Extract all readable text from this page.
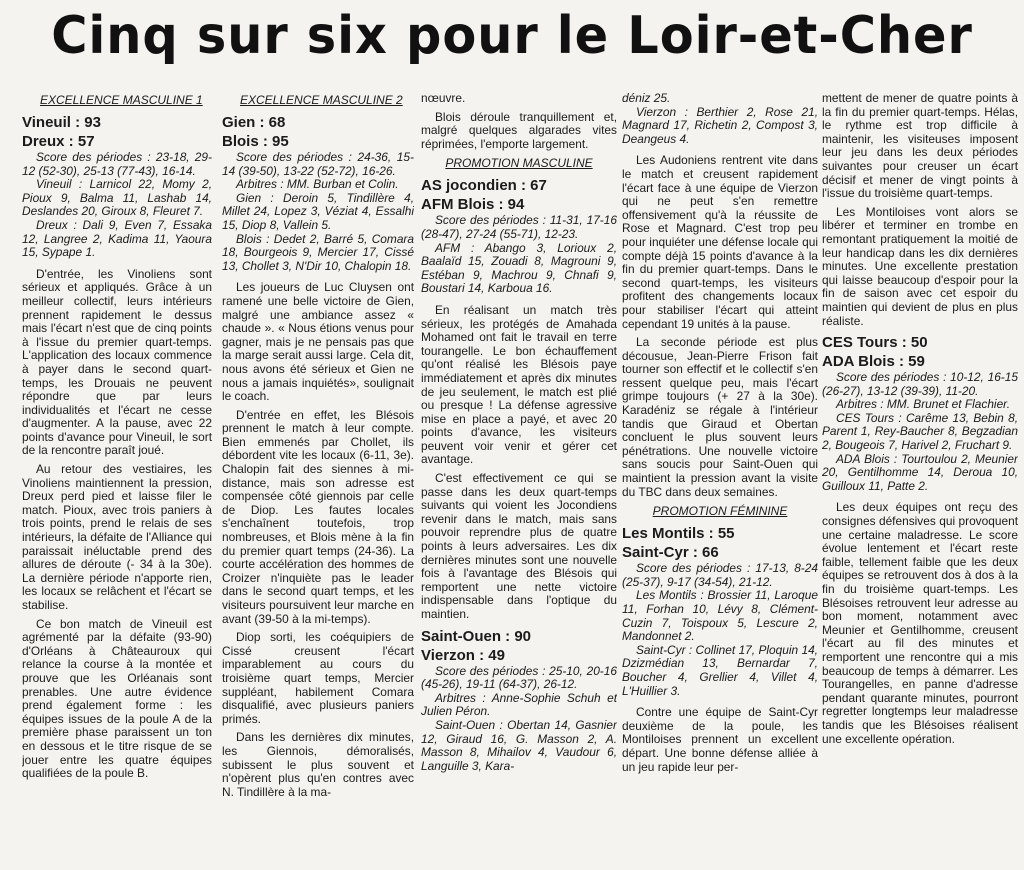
Cinq sur six pour le Loir-et-Cher
EXCELLENCE MASCULINE 1
Vineuil : 93
Dreux : 57

Score des périodes : 23-18, 29-12 (52-30), 25-13 (77-43), 16-14.

Vineuil : Larnicol 22, Momy 2, Pioux 9, Balma 11, Lashab 14, Deslandes 20, Giroux 8, Fleuret 7.

Dreux : Dali 9, Even 7, Essaka 12, Langree 2, Kadima 11, Yaoura 15, Sypape 1.

D'entrée, les Vinoliens sont sérieux et appliqués. Grâce à un meilleur collectif, leurs intérieurs prennent rapidement le dessus mais l'écart n'est que de cinq points à l'issue du premier quart-temps. L'application des locaux commence à payer dans le second quart-temps, les Drouais ne peuvent répondre que par leurs individualités et l'écart ne cesse d'augmenter. A la pause, avec 22 points d'avance pour Vineuil, le sort de la rencontre paraît joué.

Au retour des vestiaires, les Vinoliens maintiennent la pression, Dreux perd pied et laisse filer le match. Pioux, avec trois paniers à trois points, prend le relais de ses intérieurs, la défaite de l'Alliance qui paraissait inéluctable prend des allures de déroute (- 34 à la 30e). La dernière période n'apporte rien, les locaux se relâchent et l'écart se stabilise.

Ce bon match de Vineuil est agrémenté par la défaite (93-90) d'Orléans à Châteauroux qui relance la course à la montée et prouve que les Orléanais sont prenables. Une autre évidence prend également forme : les équipes issues de la poule A de la première phase paraissent un ton en dessous et le titre risque de se jouer entre les quatre équipes qualifiées de la poule B.

EXCELLENCE MASCULINE 2
Gien : 68
Blois : 95

Score des périodes : 24-36, 15-14 (39-50), 13-22 (52-72), 16-26.

Arbitres : MM. Burban et Colin.

Gien : Deroin 5, Tindillère 4, Millet 24, Lopez 3, Véziat 4, Essalhi 15, Diop 8, Vallein 5.

Blois : Dedet 2, Barré 5, Comara 18, Bourgeois 9, Mercier 17, Cissé 13, Chollet 3, N'Dir 10, Chalopin 18.

Les joueurs de Luc Cluysen ont ramené une belle victoire de Gien, malgré une ambiance assez « chaude ». « Nous étions venus pour gagner, mais je ne pensais pas que la marge serait aussi large. Cela dit, nous avons été sérieux et Gien ne nous a jamais inquiétés», soulignait le coach.

D'entrée en effet, les Blésois prennent le match à leur compte. Bien emmenés par Chollet, ils débordent vite les locaux (6-11, 3e). Chalopin fait des siennes à mi-distance, mais son adresse est compensée côté giennois par celle de Diop. Les fautes locales s'enchaînent toutefois, trop nombreuses, et Blois mène à la fin du premier quart temps (24-36). La courte accélération des hommes de Croizer n'inquiète pas le leader dans le second quart temps, et les visiteurs poursuivent leur marche en avant (39-50 à la mi-temps).

Diop sorti, les coéquipiers de Cissé creusent l'écart imparablement au cours du troisième quart temps, Mercier suppléant, habilement Comara disqualifié, avec plusieurs paniers primés.

Dans les dernières dix minutes, les Giennois, démoralisés, subissent le plus souvent et n'opèrent plus qu'en contres avec N. Tindillère à la ma-

nœuvre.

Blois déroule tranquillement et, malgré quelques algarades vites réprimées, l'emporte largement.

PROMOTION MASCULINE
AS jocondien : 67
AFM Blois : 94

Score des périodes : 11-31, 17-16 (28-47), 27-24 (55-71), 12-23.

AFM : Abango 3, Lorioux 2, Baalaïd 15, Zouadi 8, Magrouni 9, Estéban 9, Machrou 9, Chnafi 9, Boustari 14, Karboua 16.

En réalisant un match très sérieux, les protégés de Amahada Mohamed ont fait le travail en terre tourangelle. Le bon échauffement qu'ont réalisé les Blésois paye immédiatement et après dix minutes de jeu seulement, le match est plié ou presque ! La défense agressive mise en place a payé, et avec 20 points d'avance, les visiteurs peuvent voir venir et gérer cet avantage.

C'est effectivement ce qui se passe dans les deux quart-temps suivants qui voient les Jocondiens revenir dans le match, mais sans pouvoir reprendre plus de quatre points à leurs adversaires. Les dix dernières minutes sont une nouvelle fois à l'avantage des Blésois qui remportent une nette victoire indispensable dans l'optique du maintien.

Saint-Ouen : 90
Vierzon : 49

Score des périodes : 25-10, 20-16 (45-26), 19-11 (64-37), 26-12.

Arbitres : Anne-Sophie Schuh et Julien Péron.

Saint-Ouen : Obertan 14, Gasnier 12, Giraud 16, G. Masson 2, A. Masson 8, Mihailov 4, Vaudour 6, Languille 3, Kara-

déniz 25.

Vierzon : Berthier 2, Rose 21, Magnard 17, Richetin 2, Compost 3, Deangeus 4.

Les Audoniens rentrent vite dans le match et creusent rapidement l'écart face à une équipe de Vierzon qui ne peut s'en remettre offensivement qu'à la réussite de Rose et Magnard. C'est trop peu pour inquiéter une défense locale qui compte déjà 15 points d'avance à la fin du premier quart-temps. Dans le second quart-temps, les visiteurs profitent des changements locaux pour stabiliser l'écart qui atteint cependant 19 unités à la pause.

La seconde période est plus décousue, Jean-Pierre Frison fait tourner son effectif et le collectif s'en ressent quelque peu, mais l'écart grimpe toujours (+ 27 à la 30e). Karadéniz se régale à l'intérieur tandis que Giraud et Obertan concluent le plus souvent leurs pénétrations. Une nouvelle victoire sans soucis pour Saint-Ouen qui maintient la pression avant la visite du TBC dans deux semaines.

PROMOTION FÉMININE
Les Montils : 55
Saint-Cyr : 66

Score des périodes : 17-13, 8-24 (25-37), 9-17 (34-54), 21-12.

Les Montils : Brossier 11, Laroque 11, Forhan 10, Lévy 8, Clément-Cuzin 7, Toispoux 5, Lescure 2, Mandonnet 2.

Saint-Cyr : Collinet 17, Ploquin 14, Dzizmédian 13, Bernardar 7, Boucher 4, Grellier 4, Villet 4, L'Huillier 3.

Contre une équipe de Saint-Cyr deuxième de la poule, les Montiloises prennent un excellent départ. Une bonne défense alliée à un jeu rapide leur per-

mettent de mener de quatre points à la fin du premier quart-temps. Hélas, le rythme est trop difficile à maintenir, les visiteuses imposent leur jeu dans les deux périodes suivantes pour creuser un écart décisif et mener de vingt points à l'issue du troisième quart-temps.

Les Montiloises vont alors se libérer et terminer en trombe en remontant pratiquement la moitié de leur handicap dans les dix dernières minutes. Une excellente prestation qui laisse beaucoup d'espoir pour la fin de saison avec cet espoir du maintien qui devient de plus en plus réaliste.

CES Tours : 50
ADA Blois : 59

Score des périodes : 10-12, 16-15 (26-27), 13-12 (39-39), 11-20.

Arbitres : MM. Brunet et Flachier.

CES Tours : Carême 13, Bebin 8, Parent 1, Rey-Baucher 8, Begzadian 2, Bougeois 7, Harivel 2, Fruchart 9.

ADA Blois : Tourtoulou 2, Meunier 20, Gentilhomme 14, Deroua 10, Guilloux 11, Patte 2.

Les deux équipes ont reçu des consignes défensives qui provoquent une certaine maladresse. Le score évolue lentement et l'écart reste faible, tellement faible que les deux équipes se retrouvent dos à dos à la fin du troisième quart-temps. Les Blésoises retrouvent leur adresse au bon moment, notamment avec Meunier et Gentilhomme, creusent l'écart au fil des minutes et remportent une rencontre qui a mis beaucoup de temps à démarrer. Les Tourangelles, en panne d'adresse pendant quarante minutes, pourront regretter longtemps leur maladresse tandis que les Blésoises réalisent une excellente opération.
